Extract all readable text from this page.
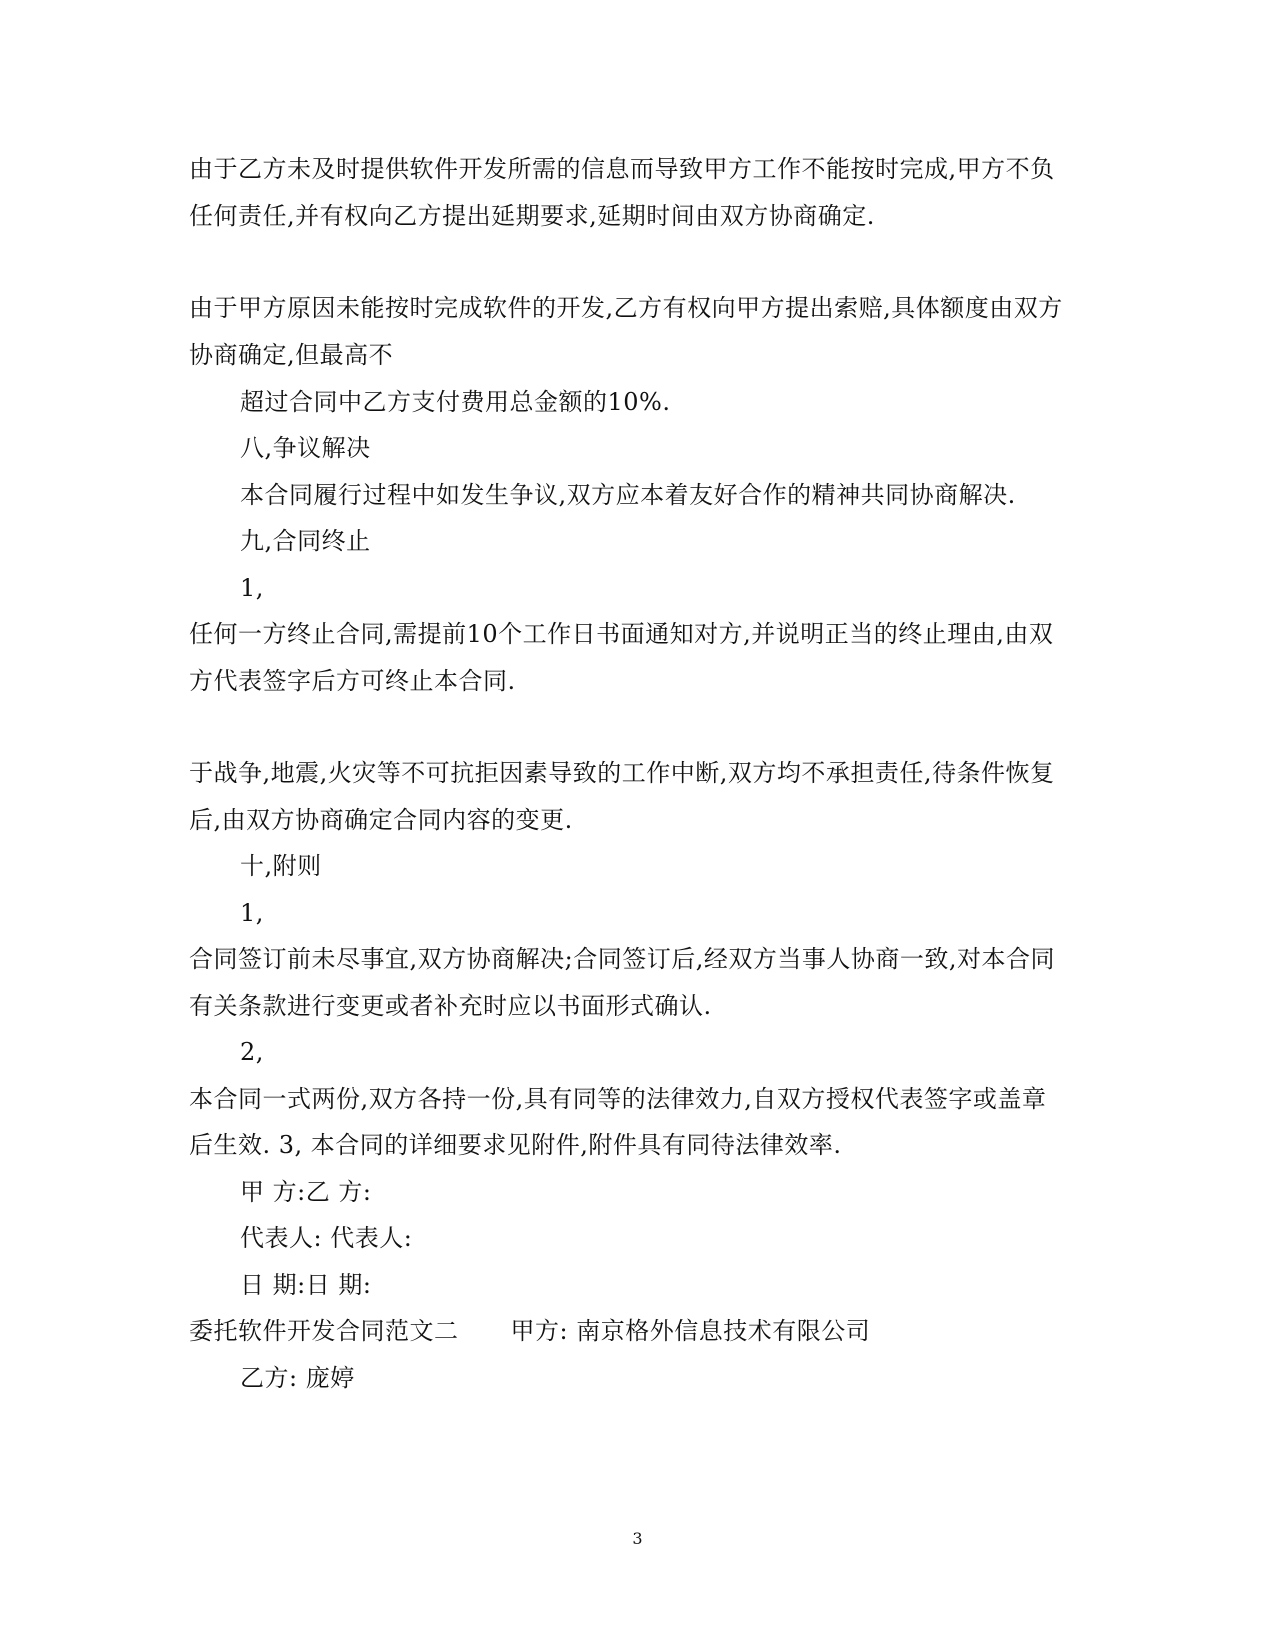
由于乙方未及时提供软件开发所需的信息而导致甲方工作不能按时完成,甲方不负
任何责任,并有权向乙方提出延期要求,延期时间由双方协商确定.
由于甲方原因未能按时完成软件的开发,乙方有权向甲方提出索赔,具体额度由双方
协商确定,但最高不
超过合同中乙方支付费用总金额的10%.
八,争议解决
本合同履行过程中如发生争议,双方应本着友好合作的精神共同协商解决.
九,合同终止
1,
任何一方终止合同,需提前10个工作日书面通知对方,并说明正当的终止理由,由双
方代表签字后方可终止本合同.
于战争,地震,火灾等不可抗拒因素导致的工作中断,双方均不承担责任,待条件恢复
后,由双方协商确定合同内容的变更.
十,附则
1,
合同签订前未尽事宜,双方协商解决;合同签订后,经双方当事人协商一致,对本合同
有关条款进行变更或者补充时应以书面形式确认.
2,
本合同一式两份,双方各持一份,具有同等的法律效力,自双方授权代表签字或盖章
后生效. 3, 本合同的详细要求见附件,附件具有同待法律效率.
甲 方:乙 方:
代表人: 代表人:
日 期:日 期:
委托软件开发合同范文二 甲方: 南京格外信息技术有限公司
乙方: 庞婷
3
